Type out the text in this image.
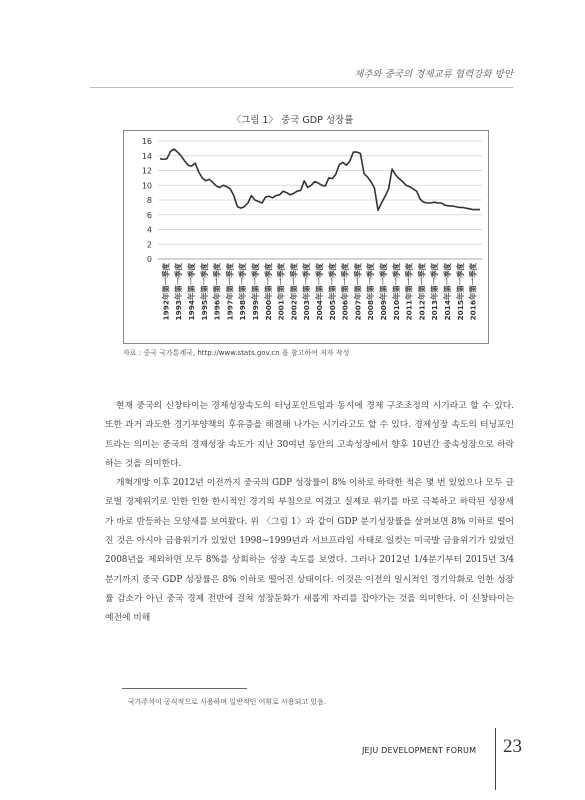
제주와 중국의 경제교류 협력강화 방안
〈그림 1〉 중국 GDP 성장률
0
2
4
6
8
10
12
14
16
1992年第一季度 1993年第一季度 1994年第一季度 1995年第一季度 1996年第一季度 1997年第一季度 1998年第一季度 1999年第一季度 2000年第一季度 2001年第一季度 2002年第一季度 2003年第一季度 2004年第一季度 2005年第一季度 2006年第一季度 2007年第一季度 2008年第一季度 2009年第一季度 2010年第一季度 2011年第一季度 2012年第一季度 2013年第一季度 2014年第一季度 2015年第一季度 2016年第一季度
자료 : 중국 국가통계국, http://www.stats.gov.cn 을 참고하여 저자 작성

현재 중국의 신창타이는 경제성장속도의 터닝포인트임과 동시에 경제 구조조정의 시기라고 할 수 있다. 또한 과거 과도한 경기부양책의 후유증을 해결해 나가는 시기라고도 할 수 있다. 경제성장 속도의 터닝포인트라는 의미는 중국의 경제성장 속도가 지난 30여년 동안의 고속성장에서 향후 10년간 중속성장으로 하락하는 것을 의미한다.

개혁개방 이후 2012년 이전까지 중국의 GDP 성장률이 8% 이하로 하락한 적은 몇 번 있었으나 모두 글로벌 경제위기로 인한 인한 한시적인 경기의 부침으로 여겼고 실제로 위기를 바로 극복하고 하락된 성장세가 바로 반등하는 모양새를 보여왔다. 위 〈그림 1〉과 같이 GDP 분기성장률을 살펴보면 8% 이하로 떨어진 것은 아시아 금융위기가 있었던 1998~1999년과 서브프라임 사태로 일컷는 미국발 금융위기가 있었던 2008년을 제외하면 모두 8%를 상회하는 성장 속도를 보였다. 그러나 2012년 1/4분기부터 2015년 3/4분기까지 중국 GDP 성장률은 8% 이하로 떨어진 상태이다. 이것은 이전의 일시적인 경기악화로 인한 성장률 감소가 아닌 중국 경제 전반에 걸쳐 성장둔화가 새롭게 자리를 잡아가는 것을 의미한다. 이 신창타이는 예전에 비해

국가주석이 공식적으로 사용하며 일반적인 어휘로 사용되고 있음.
JEJU DEVELOPMENT FORUM 23
